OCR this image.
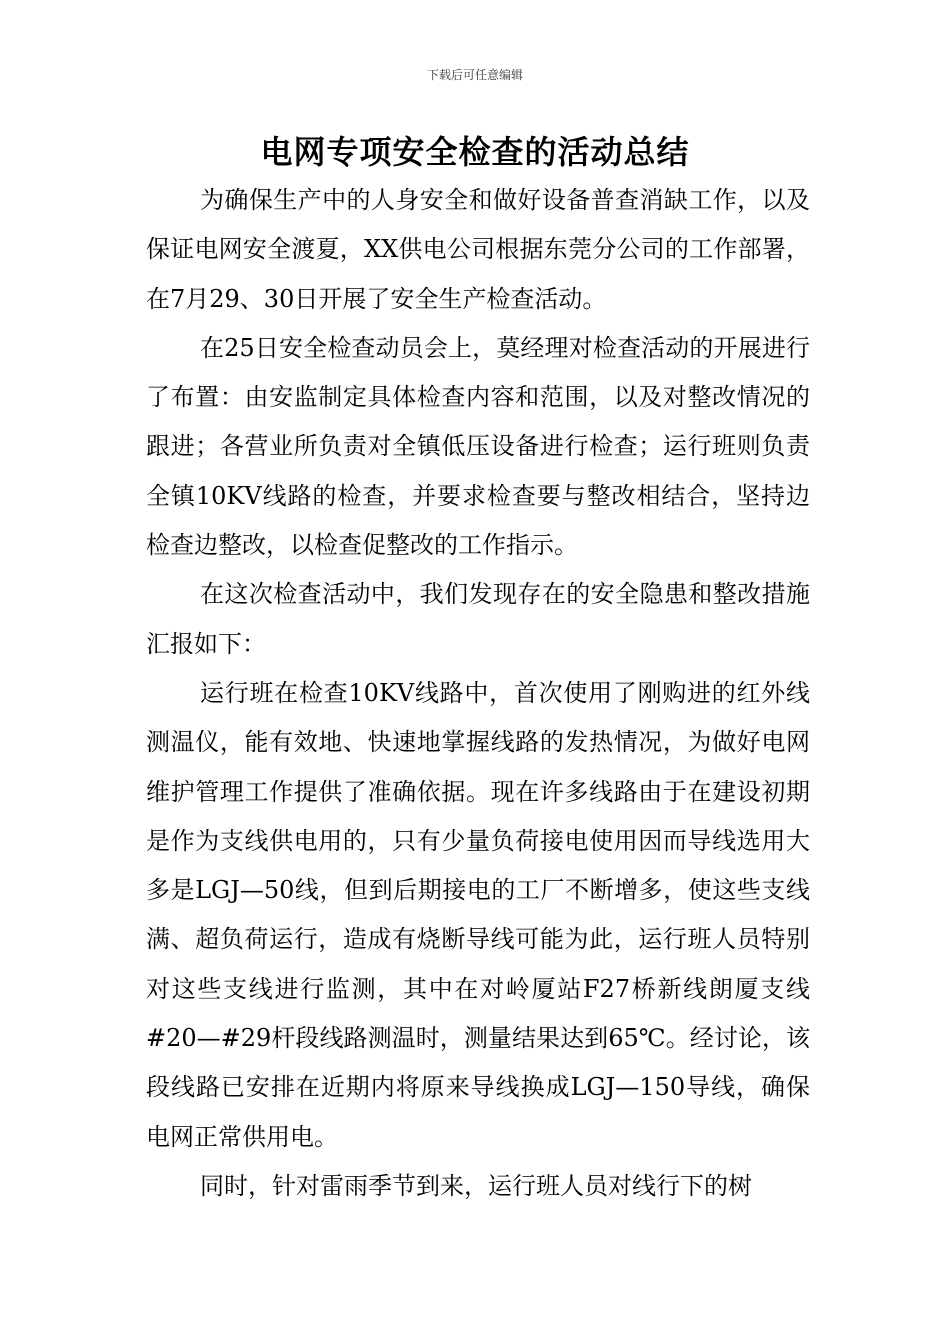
下载后可任意编辑
电网专项安全检查的活动总结

为确保生产中的人身安全和做好设备普查消缺工作，以及保证电网安全渡夏，XX供电公司根据东莞分公司的工作部署，在7月29、30日开展了安全生产检查活动。

在25日安全检查动员会上，莫经理对检查活动的开展进行了布置：由安监制定具体检查内容和范围，以及对整改情况的跟进；各营业所负责对全镇低压设备进行检查；运行班则负责全镇10KV线路的检查，并要求检查要与整改相结合，坚持边检查边整改，以检查促整改的工作指示。

在这次检查活动中，我们发现存在的安全隐患和整改措施汇报如下：

运行班在检查10KV线路中，首次使用了刚购进的红外线测温仪，能有效地、快速地掌握线路的发热情况，为做好电网维护管理工作提供了准确依据。现在许多线路由于在建设初期是作为支线供电用的，只有少量负荷接电使用因而导线选用大多是LGJ—50线，但到后期接电的工厂不断增多，使这些支线满、超负荷运行，造成有烧断导线可能为此，运行班人员特别对这些支线进行监测，其中在对岭厦站F27桥新线朗厦支线#20—#29杆段线路测温时，测量结果达到65℃。经讨论，该段线路已安排在近期内将原来导线换成LGJ—150导线，确保电网正常供用电。

同时，针对雷雨季节到来，运行班人员对线行下的树
